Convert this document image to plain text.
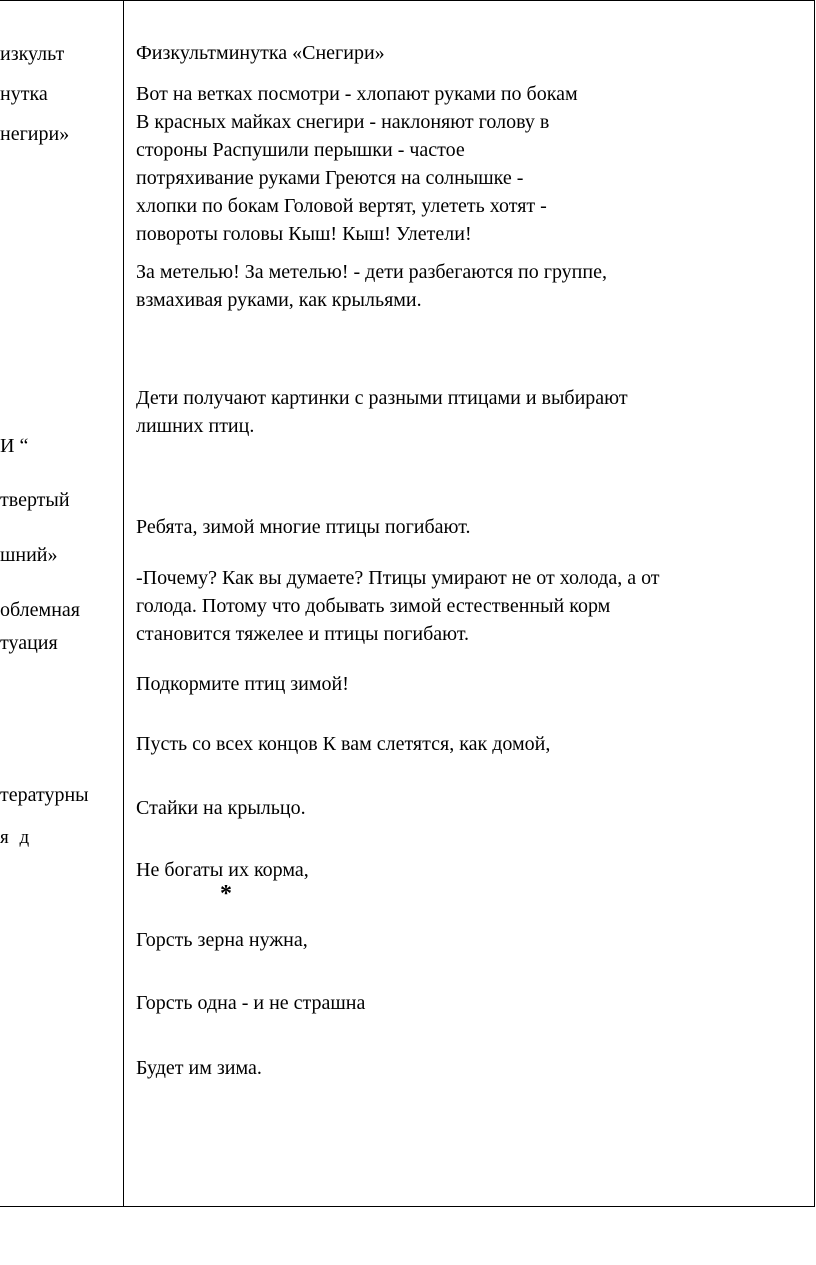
изкульт
нутка
негири»
И “
твертый
шний»
облемная
туация
тературны
я д
Физкультминутка «Снегири»
Вот на ветках посмотри - хлопают руками по бокам
В красных майках снегири - наклоняют голову в
стороны Распушили перышки - частое
потряхивание руками Греются на солнышке -
хлопки по бокам Головой вертят, улететь хотят -
повороты головы Кыш! Кыш! Улетели!
За метелью! За метелью! - дети разбегаются по группе,
взмахивая руками, как крыльями.
Дети получают картинки с разными птицами и выбирают
лишних птиц.
Ребята, зимой многие птицы погибают.
-Почему? Как вы думаете? Птицы умирают не от холода, а от
голода. Потому что добывать зимой естественный корм
становится тяжелее и птицы погибают.
Подкормите птиц зимой!
Пусть со всех концов К вам слетятся, как домой,
Стайки на крыльцо.
Не богаты их корма,
*
Горсть зерна нужна,
Горсть одна - и не страшна
Будет им зима.
